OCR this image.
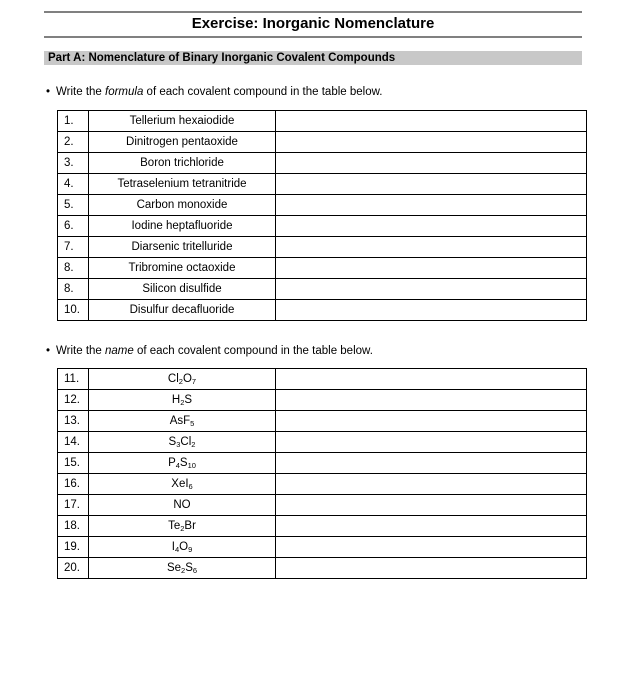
Exercise: Inorganic Nomenclature
Part A: Nomenclature of Binary Inorganic Covalent Compounds
• Write the formula of each covalent compound in the table below.
1.	Tellerium hexaiodide	
2.	Dinitrogen pentaoxide	
3.	Boron trichloride	
4.	Tetraselenium tetranitride	
5.	Carbon monoxide	
6.	Iodine heptafluoride	
7.	Diarsenic tritelluride	
8.	Tribromine octaoxide	
8.	Silicon disulfide	
10.	Disulfur decafluoride	
• Write the name of each covalent compound in the table below.
11.	$Cl_2O_7$	
12.	$H_2S$	
13.	AsF$_5$	
14.	$S_3Cl_2$	
15.	$P_4S_{10}$	
16.	XeI$_6$	
17.	NO	
18.	$Te_2Br$	
19.	$I_4O_9$	
20.	$Se_2S_6$	
